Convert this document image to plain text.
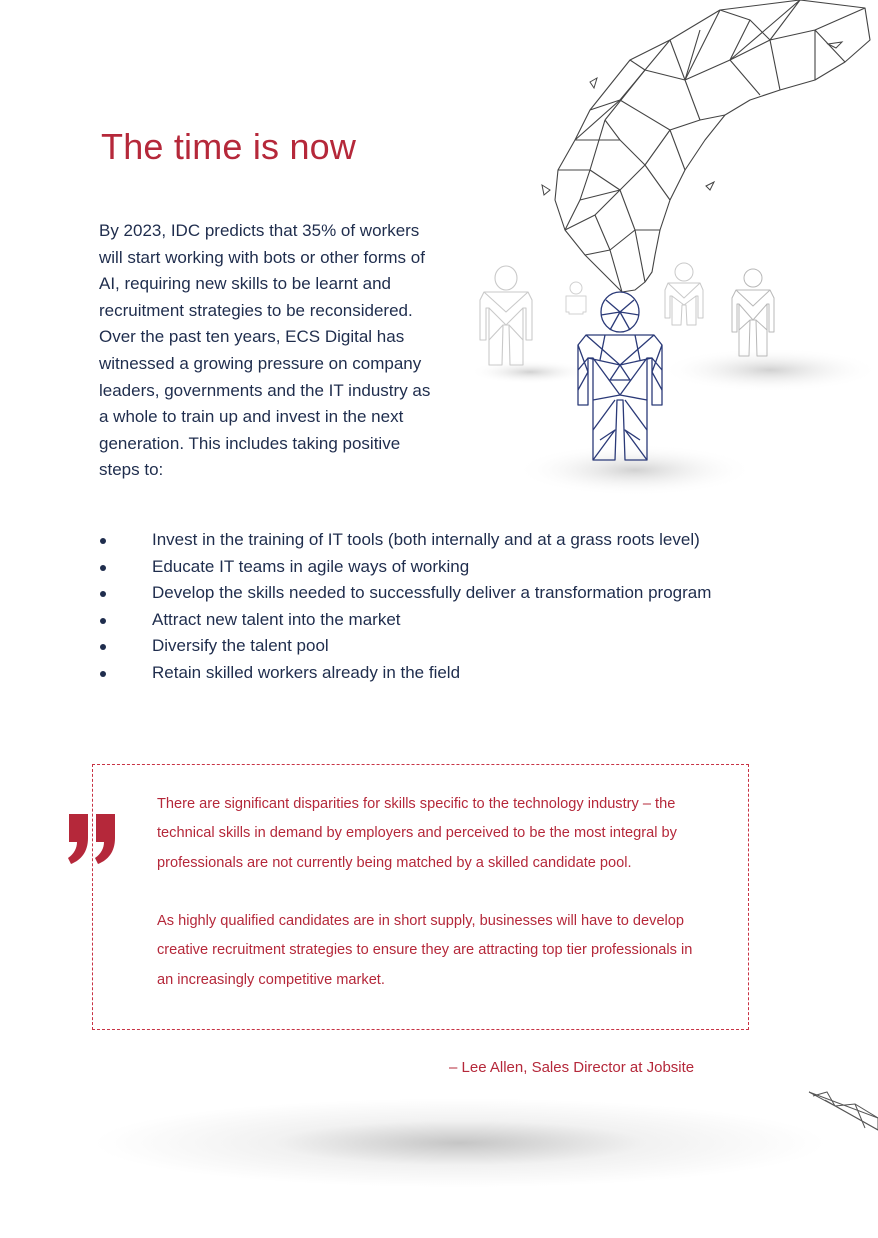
The time is now

By 2023, IDC predicts that 35% of workers will start working with bots or other forms of AI, requiring new skills to be learnt and recruitment strategies to be reconsidered. Over the past ten years, ECS Digital has witnessed a growing pressure on company leaders, governments and the IT industry as a whole to train up and invest in the next generation. This includes taking positive steps to:

Invest in the training of IT tools (both internally and at a grass roots level)
Educate IT teams in agile ways of working
Develop the skills needed to successfully deliver a transformation program
Attract new talent into the market
Diversify the talent pool
Retain skilled workers already in the field

There are significant disparities for skills specific to the technology industry – the technical skills in demand by employers and perceived to be the most integral by professionals are not currently being matched by a skilled candidate pool.

As highly qualified candidates are in short supply, businesses will have to develop creative recruitment strategies to ensure they are attracting top tier professionals in an increasingly competitive market.

– Lee Allen, Sales Director at Jobsite
